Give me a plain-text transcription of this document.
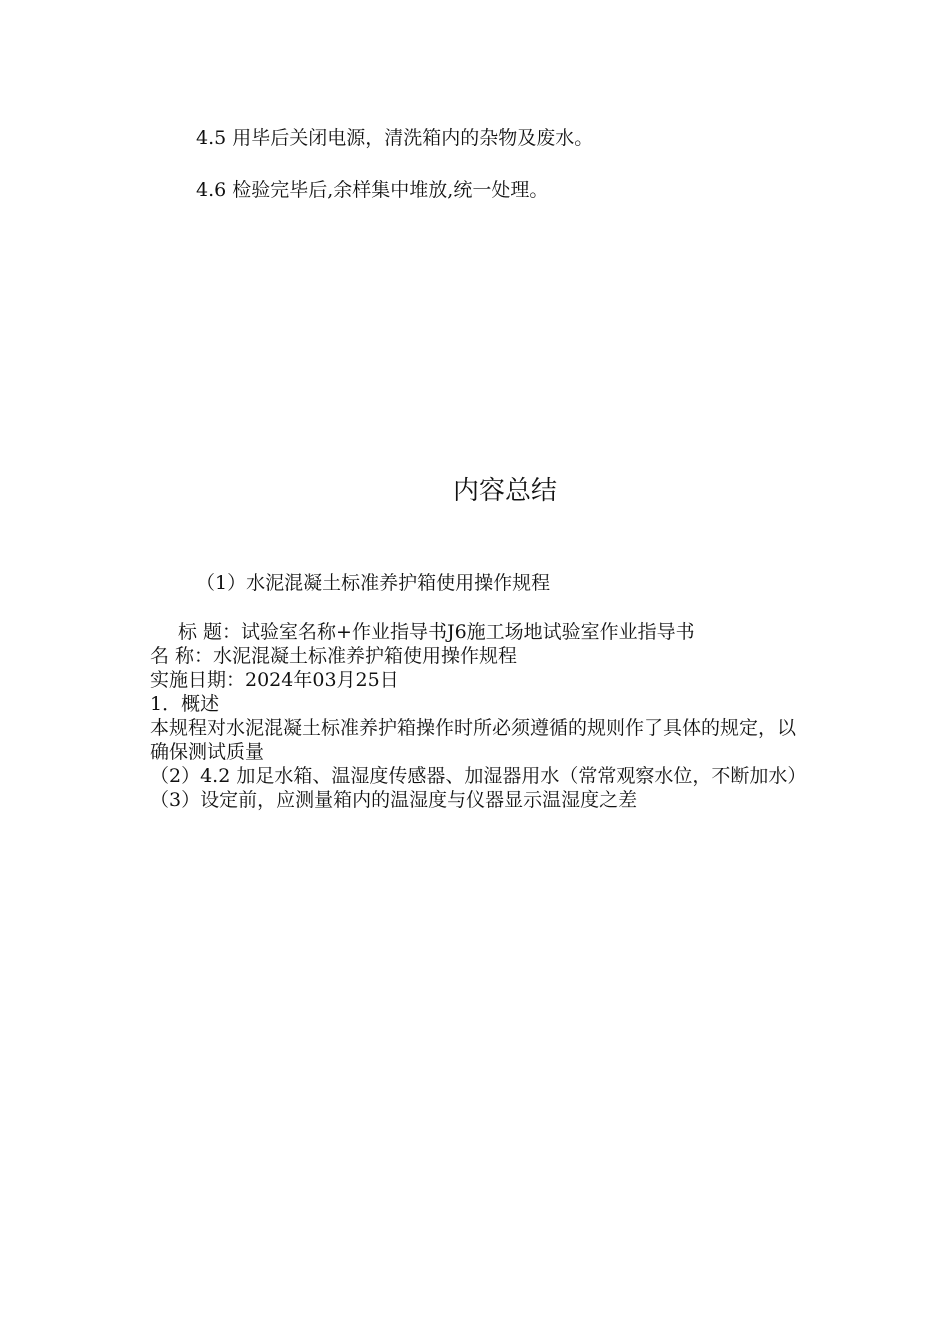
4.5 用毕后关闭电源，清洗箱内的杂物及废水。
4.6 检验完毕后,余样集中堆放,统一处理。
内容总结
（1）水泥混凝土标准养护箱使用操作规程

标 题：试验室名称+作业指导书J6施工场地试验室作业指导书

名 称：水泥混凝土标准养护箱使用操作规程

实施日期：2024年03月25日

1．概述

本规程对水泥混凝土标准养护箱操作时所必须遵循的规则作了具体的规定，以确保测试质量

（2）4.2 加足水箱、温湿度传感器、加湿器用水（常常观察水位，不断加水）

（3）设定前，应测量箱内的温湿度与仪器显示温湿度之差
